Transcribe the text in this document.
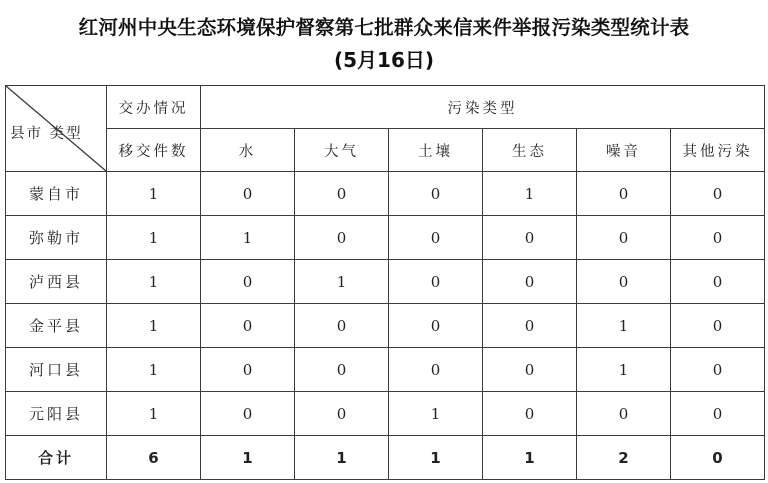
红河州中央生态环境保护督察第七批群众来信来件举报污染类型统计表
(5月16日)
县市 类型	交办情况	污染类型					
	移交件数	水	大气	土壤	生态	噪音	其他污染
蒙自市	1	0	0	0	1	0	0
弥勒市	1	1	0	0	0	0	0
泸西县	1	0	1	0	0	0	0
金平县	1	0	0	0	0	1	0
河口县	1	0	0	0	0	1	0
元阳县	1	0	0	1	0	0	0
合计	6	1	1	1	1	2	0
